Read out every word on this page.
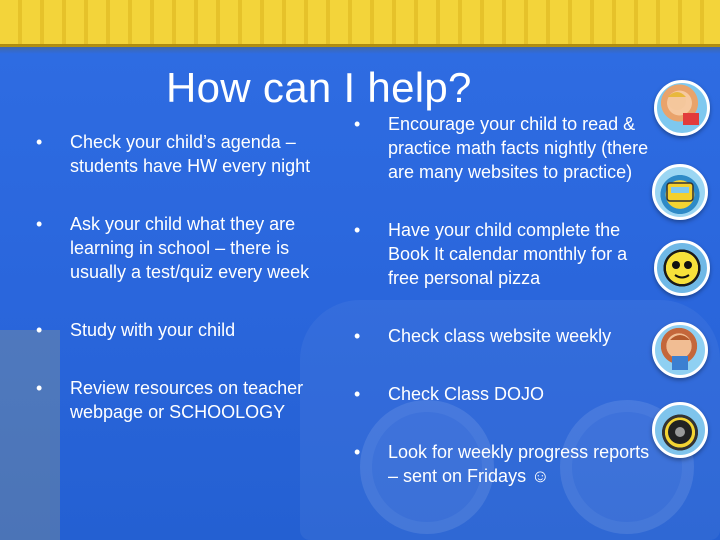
How can I help?
• Check your child’s agenda – students have HW every night
• Ask your child what they are learning in school – there is usually a test/quiz every week
• Study with your child
• Review resources on teacher webpage or SCHOOLOGY
• Encourage your child to read & practice math facts nightly (there are many websites to practice)
• Have your child complete the Book It calendar monthly for a free personal pizza
• Check class website weekly
• Check Class DOJO
• Look for weekly progress reports – sent on Fridays ☺
